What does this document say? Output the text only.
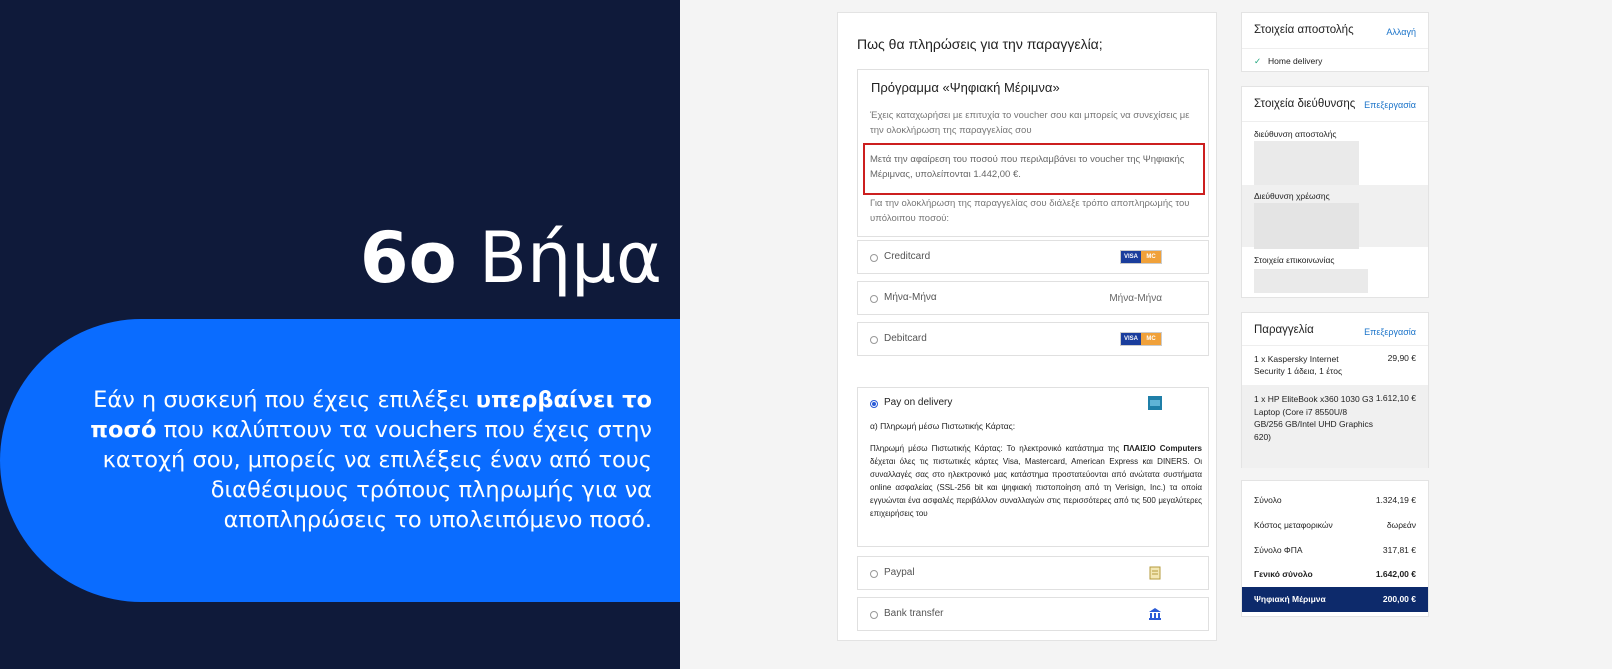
6ο Βήμα
Εάν η συσκευή που έχεις επιλέξει υπερβαίνει το ποσό που καλύπτουν τα vouchers που έχεις στην κατοχή σου, μπορείς να επιλέξεις έναν από τους διαθέσιμους τρόπους πληρωμής για να αποπληρώσεις το υπολειπόμενο ποσό.
Πως θα πληρώσεις για την παραγγελία;
Πρόγραμμα «Ψηφιακή Μέριμνα»
Έχεις καταχωρήσει με επιτυχία το voucher σου και μπορείς να συνεχίσεις με την ολοκλήρωση της παραγγελίας σου
Μετά την αφαίρεση του ποσού που περιλαμβάνει το voucher της Ψηφιακής Μέριμνας, υπολείπονται 1.442,00 €.
Για την ολοκλήρωση της παραγγελίας σου διάλεξε τρόπο αποπληρωμής του υπόλοιπου ποσού:
Creditcard	VISA	MC
Μήνα-Μήνα	Μήνα-Μήνα
Debitcard	VISA	MC
Pay on delivery
α) Πληρωμή μέσω Πιστωτικής Κάρτας:
Πληρωμή μέσω Πιστωτικής Κάρτας: Το ηλεκτρονικό κατάστημα της ΠΛΑΙΣΙΟ Computers δέχεται όλες τις πιστωτικές κάρτες Visa, Mastercard, American Express και DINERS. Οι συναλλαγές σας στο ηλεκτρονικό μας κατάστημα προστατεύονται από ανώτατα συστήματα online ασφαλείας (SSL-256 bit και ψηφιακή πιστοποίηση από τη Verisign, Inc.) τα οποία εγγυώνται ένα ασφαλές περιβάλλον συναλλαγών στις περισσότερες από τις 500 μεγαλύτερες επιχειρήσεις του
Paypal
Bank transfer
Στοιχεία αποστολής	Αλλαγή
✓ Home delivery
Στοιχεία διεύθυνσης Επεξεργασία
διεύθυνση αποστολής
Διεύθυνση χρέωσης
Στοιχεία επικοινωνίας
Παραγγελία	Επεξεργασία
1 x Kaspersky Internet Security 1 άδεια, 1 έτος
29,90 €
1 x HP EliteBook x360 1030 G3 Laptop (Core i7 8550U/8 GB/256 GB/Intel UHD Graphics 620)
1.612,10 €
Σύνολο	1.324,19 €
Κόστος μεταφορικών	δωρεάν
Σύνολο ΦΠΑ	317,81 €
Γενικό σύνολο	1.642,00 €
Ψηφιακή Μέριμνα	200,00 €
